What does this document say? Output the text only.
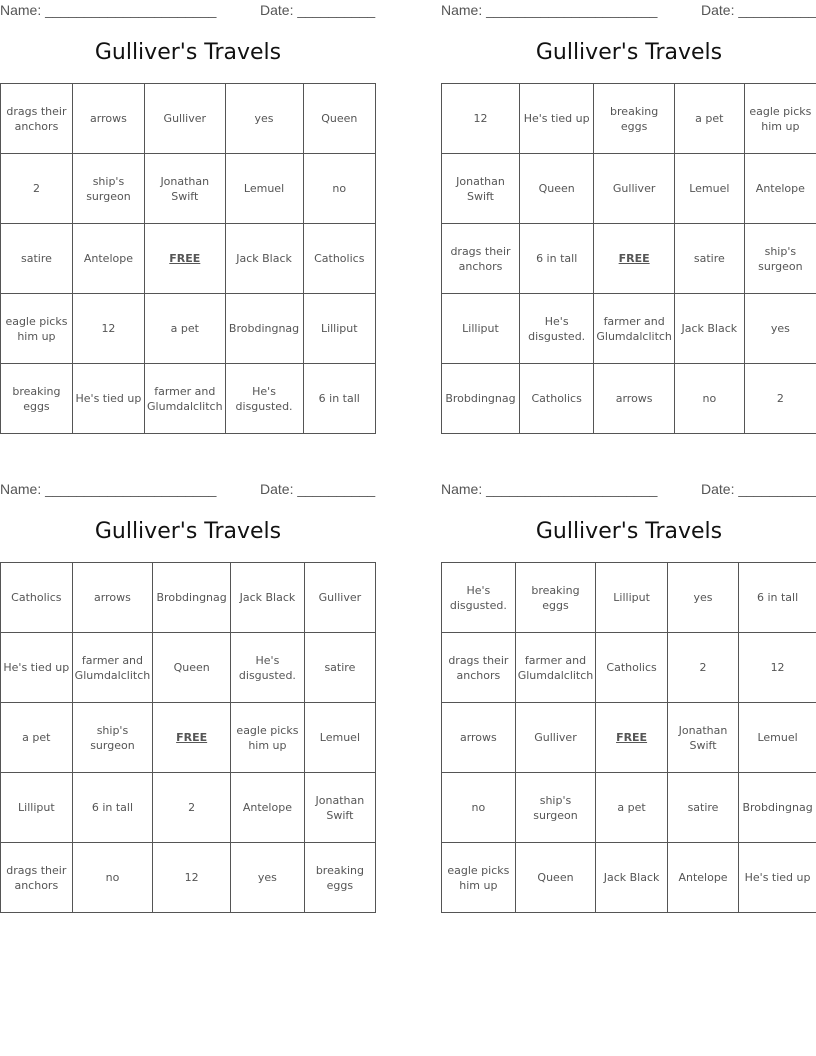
Name: ______________________	Date: __________
Gulliver's Travels
drags their anchors	arrows	Gulliver	yes	Queen
2	ship's surgeon	Jonathan Swift	Lemuel	no
satire	Antelope	FREE	Jack Black	Catholics
eagle picks him up	12	a pet	Brobdingnag	Lilliput
breaking eggs	He's tied up	farmer and Glumdalclitch	He's disgusted.	6 in tall
Name: ______________________	Date: __________
Gulliver's Travels
12	He's tied up	breaking eggs	a pet	eagle picks him up
Jonathan Swift	Queen	Gulliver	Lemuel	Antelope
drags their anchors	6 in tall	FREE	satire	ship's surgeon
Lilliput	He's disgusted.	farmer and Glumdalclitch	Jack Black	yes
Brobdingnag	Catholics	arrows	no	2
Name: ______________________	Date: __________
Gulliver's Travels
Catholics	arrows	Brobdingnag	Jack Black	Gulliver
He's tied up	farmer and Glumdalclitch	Queen	He's disgusted.	satire
a pet	ship's surgeon	FREE	eagle picks him up	Lemuel
Lilliput	6 in tall	2	Antelope	Jonathan Swift
drags their anchors	no	12	yes	breaking eggs
Name: ______________________	Date: __________
Gulliver's Travels
He's disgusted.	breaking eggs	Lilliput	yes	6 in tall
drags their anchors	farmer and Glumdalclitch	Catholics	2	12
arrows	Gulliver	FREE	Jonathan Swift	Lemuel
no	ship's surgeon	a pet	satire	Brobdingnag
eagle picks him up	Queen	Jack Black	Antelope	He's tied up
